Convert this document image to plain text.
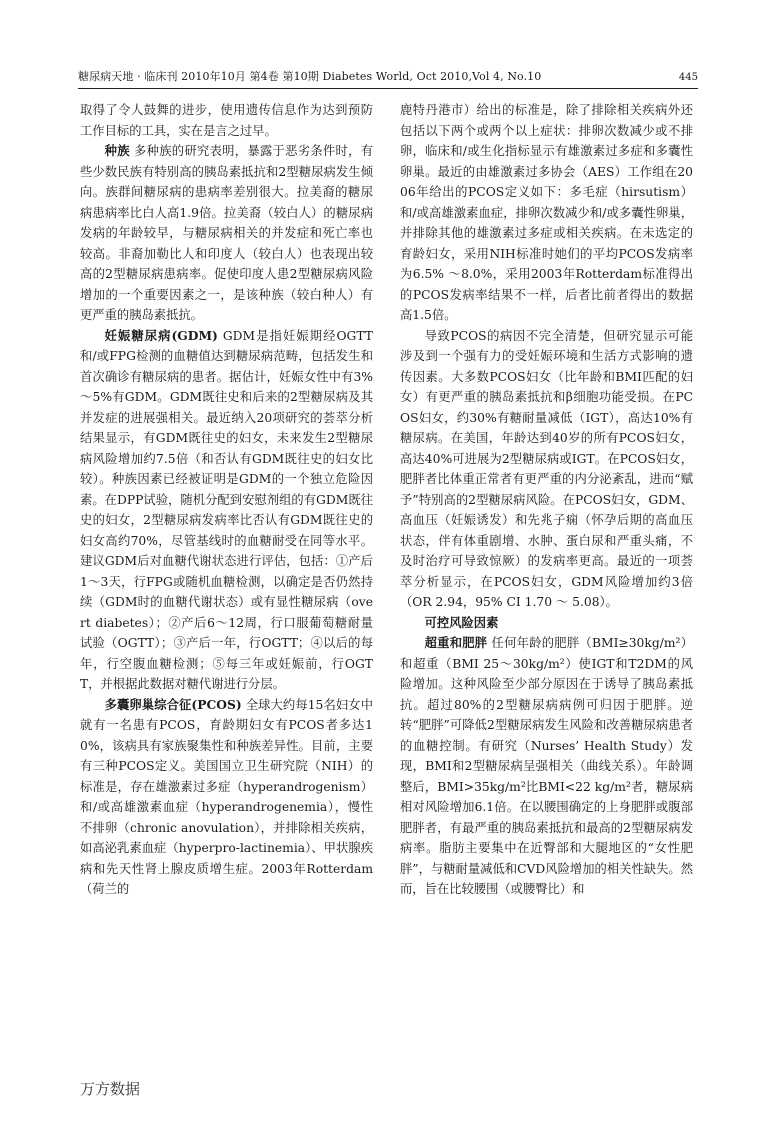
糖尿病天地 · 临床刊 2010年10月 第4卷 第10期 Diabetes World, Oct 2010,Vol 4, No.10	445

取得了令人鼓舞的进步，使用遗传信息作为达到预防工作目标的工具，实在是言之过早。

种族 多种族的研究表明，暴露于恶劣条件时，有些少数民族有特别高的胰岛素抵抗和2型糖尿病发生倾向。族群间糖尿病的患病率差别很大。拉美裔的糖尿病患病率比白人高1.9倍。拉美裔（较白人）的糖尿病发病的年龄较早，与糖尿病相关的并发症和死亡率也较高。非裔加勒比人和印度人（较白人）也表现出较高的2型糖尿病患病率。促使印度人患2型糖尿病风险增加的一个重要因素之一，是该种族（较白种人）有更严重的胰岛素抵抗。

妊娠糖尿病(GDM) GDM是指妊娠期经OGTT和/或FPG检测的血糖值达到糖尿病范畴，包括发生和首次确诊有糖尿病的患者。据估计，妊娠女性中有3%～5%有GDM。GDM既往史和后来的2型糖尿病及其并发症的进展强相关。最近纳入20项研究的荟萃分析结果显示，有GDM既往史的妇女，未来发生2型糖尿病风险增加约7.5倍（和否认有GDM既往史的妇女比较）。种族因素已经被证明是GDM的一个独立危险因素。在DPP试验，随机分配到安慰剂组的有GDM既往史的妇女，2型糖尿病发病率比否认有GDM既往史的妇女高约70%，尽管基线时的血糖耐受在同等水平。建议GDM后对血糖代谢状态进行评估，包括：①产后1～3天，行FPG或随机血糖检测，以确定是否仍然持续（GDM时的血糖代谢状态）或有显性糖尿病（overt diabetes）；②产后6～12周，行口服葡萄糖耐量试验（OGTT）；③产后一年，行OGTT；④以后的每年，行空腹血糖检测；⑤每三年或妊娠前，行OGTT，并根据此数据对糖代谢进行分层。

多囊卵巢综合征(PCOS) 全球大约每15名妇女中就有一名患有PCOS，育龄期妇女有PCOS者多达10%，该病具有家族聚集性和种族差异性。目前，主要有三种PCOS定义。美国国立卫生研究院（NIH）的标准是，存在雄激素过多症（hyperandrogenism）和/或高雄激素血症（hyperandrogenemia），慢性不排卵（chronic anovulation），并排除相关疾病，如高泌乳素血症（hyperpro-lactinemia）、甲状腺疾病和先天性肾上腺皮质增生症。2003年Rotterdam（荷兰的

鹿特丹港市）给出的标准是，除了排除相关疾病外还包括以下两个或两个以上症状：排卵次数减少或不排卵，临床和/或生化指标显示有雄激素过多症和多囊性卵巢。最近的由雄激素过多协会（AES）工作组在2006年给出的PCOS定义如下：多毛症（hirsutism）和/或高雄激素血症，排卵次数减少和/或多囊性卵巢，并排除其他的雄激素过多症或相关疾病。在未选定的育龄妇女，采用NIH标准时她们的平均PCOS发病率为6.5% ～8.0%，采用2003年Rotterdam标准得出的PCOS发病率结果不一样，后者比前者得出的数据高1.5倍。

导致PCOS的病因不完全清楚，但研究显示可能涉及到一个强有力的受妊娠环境和生活方式影响的遗传因素。大多数PCOS妇女（比年龄和BMI匹配的妇女）有更严重的胰岛素抵抗和β细胞功能受损。在PCOS妇女，约30%有糖耐量减低（IGT），高达10%有糖尿病。在美国，年龄达到40岁的所有PCOS妇女，高达40%可进展为2型糖尿病或IGT。在PCOS妇女，肥胖者比体重正常者有更严重的内分泌紊乱，进而“赋予”特别高的2型糖尿病风险。在PCOS妇女，GDM、高血压（妊娠诱发）和先兆子痫（怀孕后期的高血压状态，伴有体重剧增、水肿、蛋白尿和严重头痛，不及时治疗可导致惊厥）的发病率更高。最近的一项荟萃分析显示，在PCOS妇女，GDM风险增加约3倍（OR 2.94，95% CI 1.70 ～ 5.08）。

可控风险因素

超重和肥胖 任何年龄的肥胖（BMI≥30kg/m²）和超重（BMI 25～30kg/m²）使IGT和T2DM的风险增加。这种风险至少部分原因在于诱导了胰岛素抵抗。超过80%的2型糖尿病病例可归因于肥胖。逆转“肥胖”可降低2型糖尿病发生风险和改善糖尿病患者的血糖控制。有研究（Nurses’ Health Study）发现，BMI和2型糖尿病呈强相关（曲线关系）。年龄调整后，BMI>35kg/m²比BMI<22 kg/m²者，糖尿病相对风险增加6.1倍。在以腰围确定的上身肥胖或腹部肥胖者，有最严重的胰岛素抵抗和最高的2型糖尿病发病率。脂肪主要集中在近臀部和大腿地区的“女性肥胖”，与糖耐量减低和CVD风险增加的相关性缺失。然而，旨在比较腰围（或腰臀比）和

万方数据
